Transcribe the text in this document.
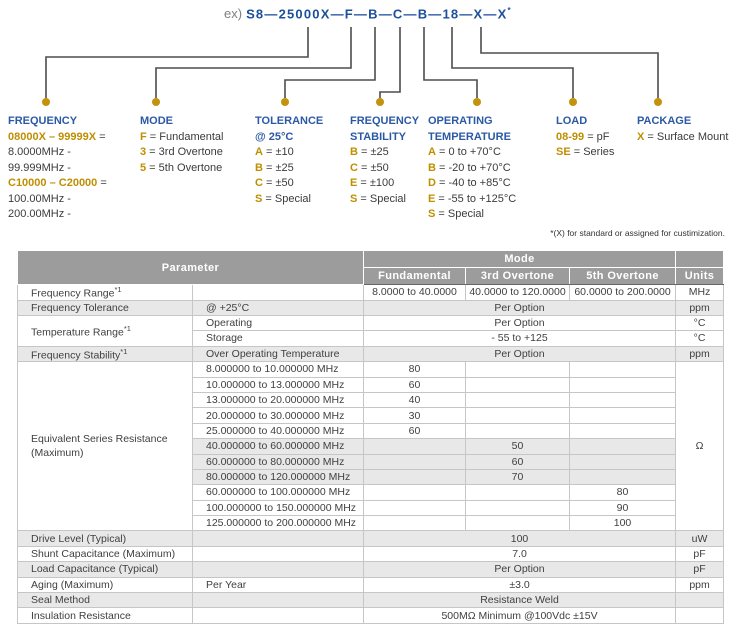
ex) S8—25000X—F—B—C—B—18—X—X*
FREQUENCY
08000X – 99999X =
8.0000MHz -
99.999MHz -
C10000 – C20000 =
100.00MHz -
200.00MHz -
MODE
F = Fundamental
3 = 3rd Overtone
5 = 5th Overtone
TOLERANCE
@ 25°C
A = ±10
B = ±25
C = ±50
S = Special
FREQUENCY
STABILITY
B = ±25
C = ±50
E = ±100
S = Special
OPERATING
TEMPERATURE
A = 0 to +70°C
B = -20 to +70°C
D = -40 to +85°C
E = -55 to +125°C
S = Special
LOAD
08-99 = pF
SE = Series
PACKAGE
X = Surface Mount
*(X) for standard or assigned for custimization.
Parameter		Mode			
		Fundamental	3rd Overtone	5th Overtone	Units
Frequency Range$^{*1}$		8.0000 to 40.0000	40.0000 to 120.0000	60.0000 to 200.0000	MHz
Frequency Tolerance	@ +25°C	Per Option			ppm
Temperature Range$^{*1}$	Operating	Per Option			°C
	Storage	- 55 to +125			°C
Frequency Stability$^{*1}$	Over Operating Temperature	Per Option			ppm
Equivalent Series Resistance (Maximum)	8.000000 to 10.000000 MHz	80			Ω
	10.000000 to 13.000000 MHz	60			
	13.000000 to 20.000000 MHz	40			
	20.000000 to 30.000000 MHz	30			
	25.000000 to 40.000000 MHz	60			
	40.000000 to 60.000000 MHz		50		
	60.000000 to 80.000000 MHz		60		
	80.000000 to 120.000000 MHz		70		
	60.000000 to 100.000000 MHz			80	
	100.000000 to 150.000000 MHz			90	
	125.000000 to 200.000000 MHz			100	
Drive Level (Typical)		100			uW
Shunt Capacitance (Maximum)		7.0			pF
Load Capacitance (Typical)		Per Option			pF
Aging (Maximum)	Per Year	±3.0			ppm
Seal Method		Resistance Weld			
Insulation Resistance		500MΩ Minimum @100Vdc ±15V			
